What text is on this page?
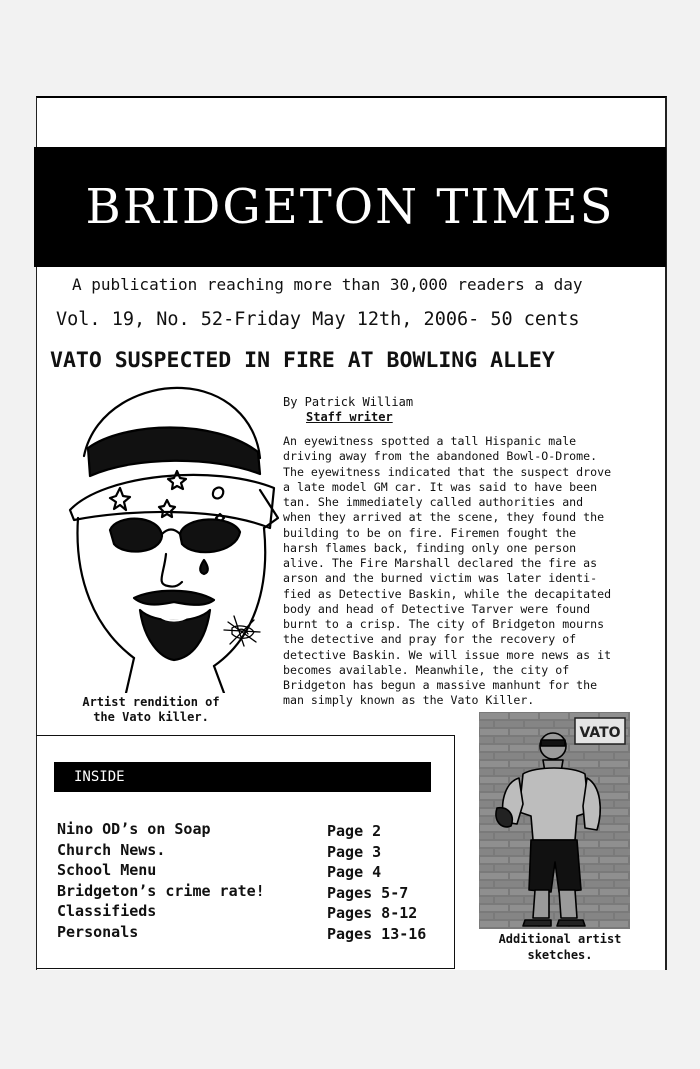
BRIDGETON TIMES
A publication reaching more than 30,000 readers a day
Vol. 19, No. 52-Friday May 12th, 2006- 50 cents
VATO SUSPECTED IN FIRE AT BOWLING ALLEY
Artist rendition of
the Vato killer.
By Patrick William
Staff writer
An eyewitness spotted a tall Hispanic male
driving away from the abandoned Bowl-O-Drome.
The eyewitness indicated that the suspect drove
a late model GM car. It was said to have been
tan. She immediately called authorities and
when they arrived at the scene, they found the
building to be on fire. Firemen fought the
harsh flames back, finding only one person
alive. The Fire Marshall declared the fire as
arson and the burned victim was later identi-
fied as Detective Baskin, while the decapitated
body and head of Detective Tarver were found
burnt to a crisp. The city of Bridgeton mourns
the detective and pray for the recovery of
detective Baskin. We will issue more news as it
becomes available. Meanwhile, the city of
Bridgeton has begun a massive manhunt for the
man simply known as the Vato Killer.
INSIDE
Nino OD’s on Soap
Church News.
School Menu
Bridgeton’s crime rate!
Classifieds
Personals
Page 2
Page 3
Page 4
Pages 5-7
Pages 8-12
Pages 13-16
VATO
Additional artist
sketches.
